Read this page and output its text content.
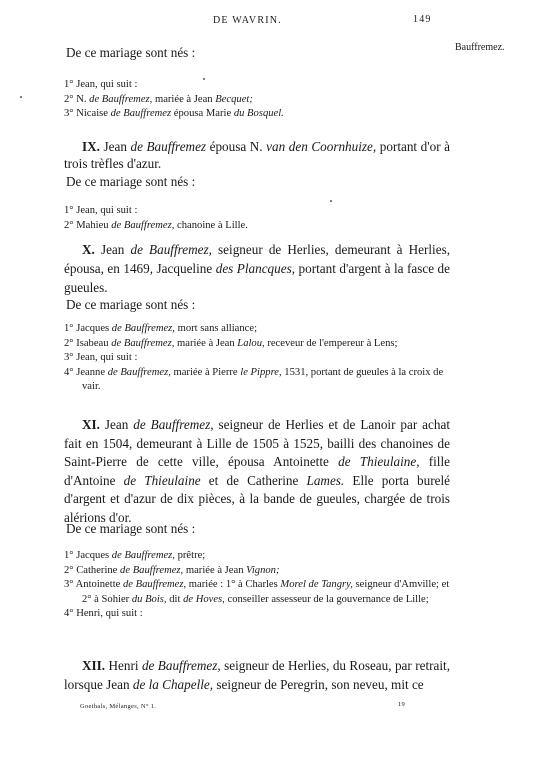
DE WAVRIN.	149
Bauffremez.
De ce mariage sont nés :

1° Jean, qui suit :

2° N. de Bauffremez, mariée à Jean Becquet;

3° Nicaise de Bauffremez épousa Marie du Bosquel.

IX. Jean de Bauffremez épousa N. van den Coornhuize, portant d'or à trois trèfles d'azur.
De ce mariage sont nés :

1° Jean, qui suit :

2° Mahieu de Bauffremez, chanoine à Lille.

X. Jean de Bauffremez, seigneur de Herlies, demeurant à Herlies, épousa, en 1469, Jacqueline des Plancques, portant d'argent à la fasce de gueules.
De ce mariage sont nés :

1° Jacques de Bauffremez, mort sans alliance;

2° Isabeau de Bauffremez, mariée à Jean Lalou, receveur de l'empereur à Lens;

3° Jean, qui suit :

4° Jeanne de Bauffremez, mariée à Pierre le Pippre, 1531, portant de gueules à la croix de vair.

XI. Jean de Bauffremez, seigneur de Herlies et de Lanoir par achat fait en 1504, demeurant à Lille de 1505 à 1525, bailli des chanoines de Saint-Pierre de cette ville, épousa Antoinette de Thieulaine, fille d'Antoine de Thieulaine et de Catherine Lames. Elle porta burelé d'argent et d'azur de dix pièces, à la bande de gueules, chargée de trois alérions d'or.
De ce mariage sont nés :

1° Jacques de Bauffremez, prêtre;

2° Catherine de Bauffremez, mariée à Jean Vignon;

3° Antoinette de Bauffremez, mariée : 1° à Charles Morel de Tangry, seigneur d'Amville; et 2° à Sohier du Bois, dit de Hoves, conseiller assesseur de la gouvernance de Lille;

4° Henri, qui suit :

XII. Henri de Bauffremez, seigneur de Herlies, du Roseau, par retrait, lorsque Jean de la Chapelle, seigneur de Peregrin, son neveu, mit ce
Goethals, Mélanges, N° 1.	19
